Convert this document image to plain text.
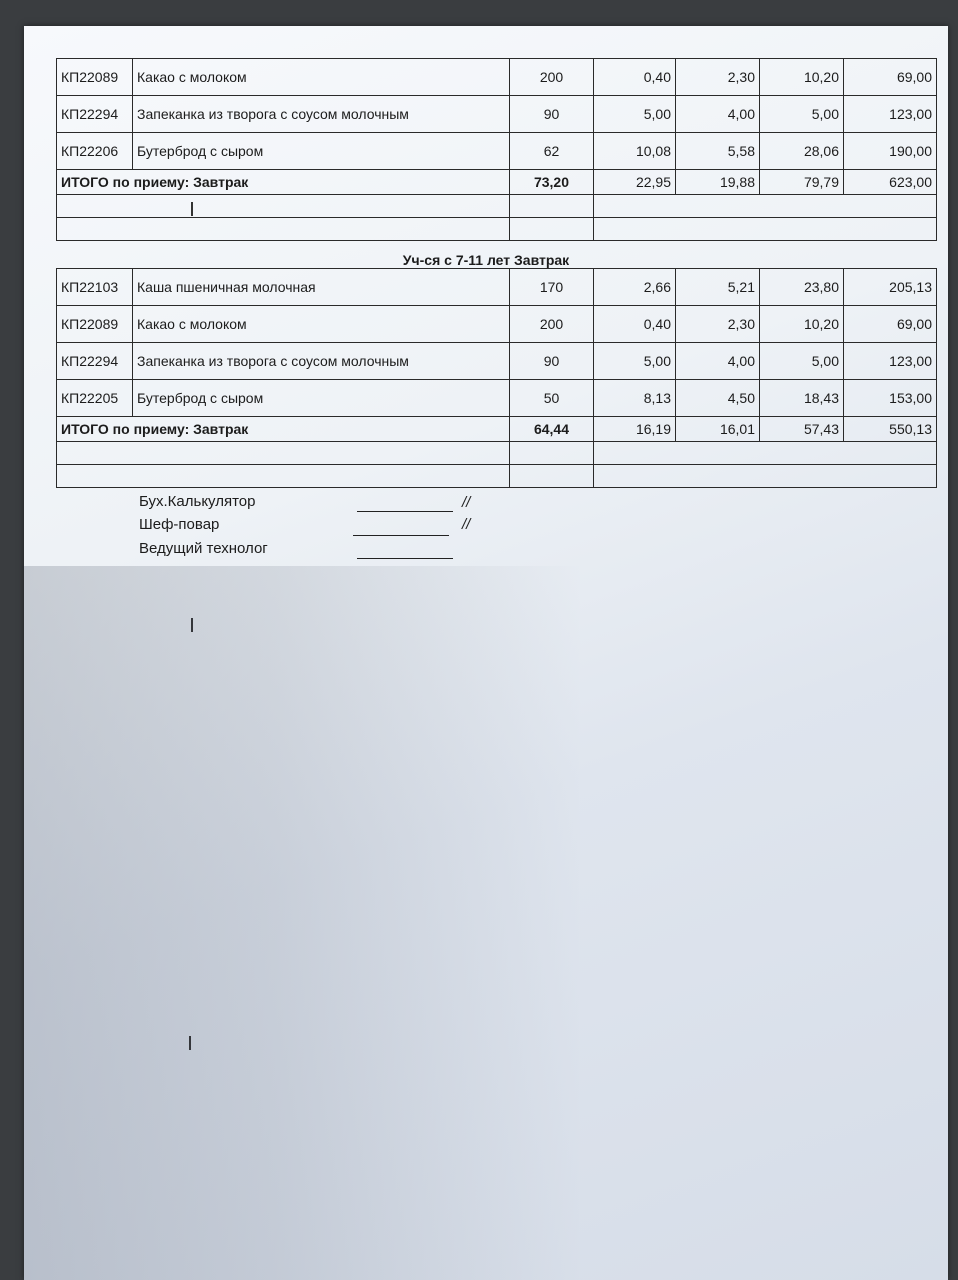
КП22089	Какао с молоком	200	0,40	2,30	10,20	69,00
КП22294	Запеканка из творога с соусом молочным	90	5,00	4,00	5,00	123,00
КП22206	Бутерброд с сыром	62	10,08	5,58	28,06	190,00
ИТОГО по приему: Завтрак		73,20	22,95	19,88	79,79	623,00

Уч-ся с 7-11 лет Завтрак
КП22103	Каша пшеничная молочная	170	2,66	5,21	23,80	205,13
КП22089	Какао с молоком	200	0,40	2,30	10,20	69,00
КП22294	Запеканка из творога с соусом молочным	90	5,00	4,00	5,00	123,00
КП22205	Бутерброд с сыром	50	8,13	4,50	18,43	153,00
ИТОГО по приему: Завтрак		64,44	16,19	16,01	57,43	550,13

Бух.Калькулятор	//
Шеф-повар	//
Ведущий технолог
